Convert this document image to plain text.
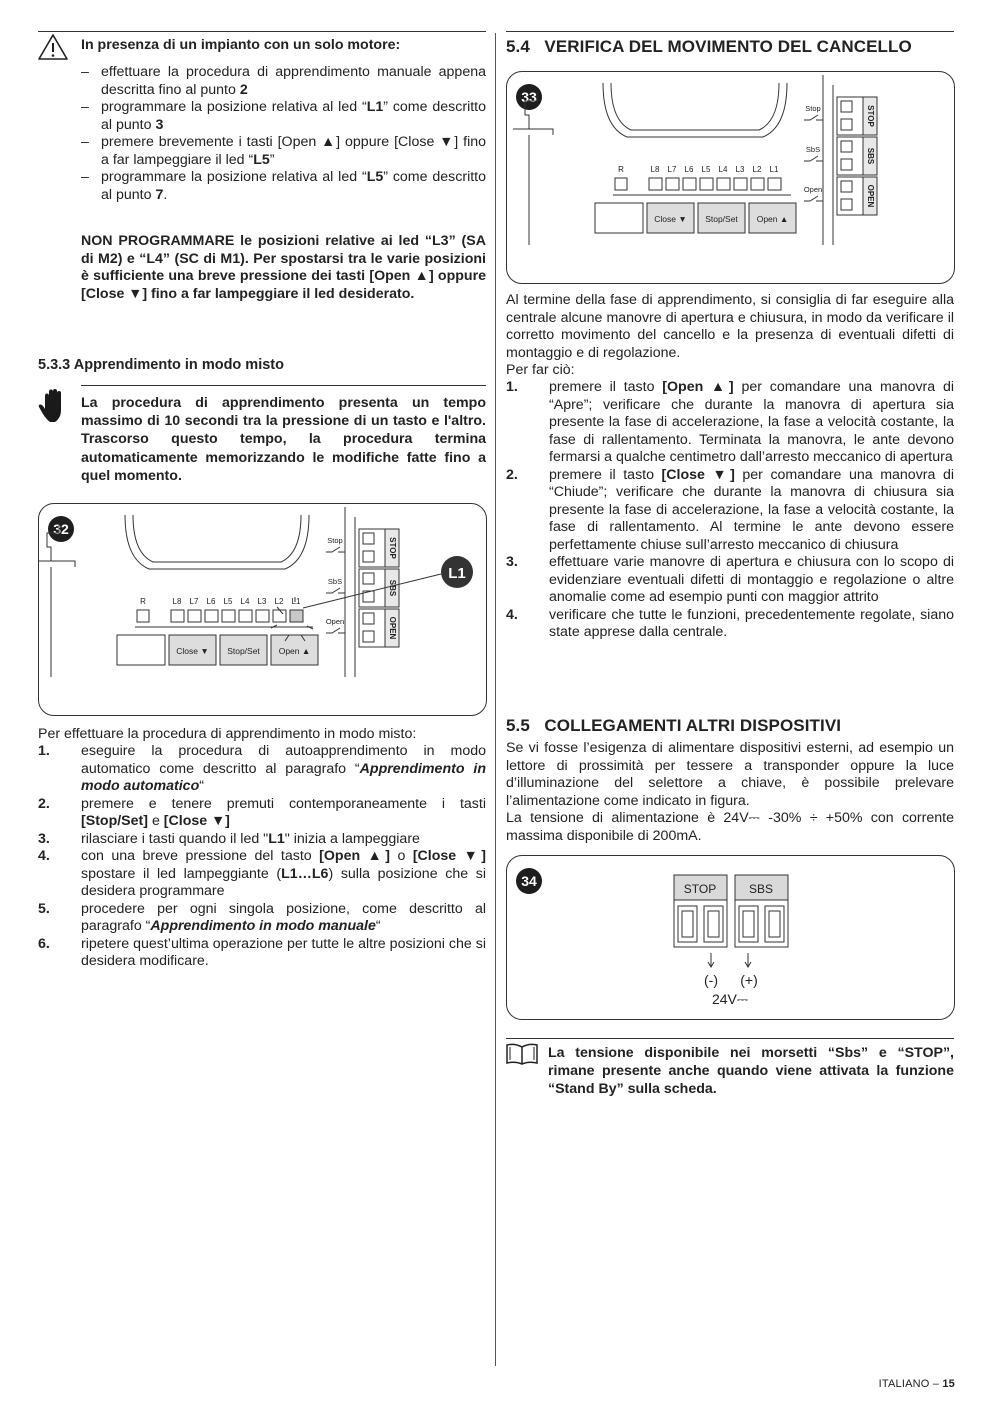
In presenza di un impianto con un solo motore:
– effettuare la procedura di apprendimento manuale appena descritta fino al punto 2
– programmare la posizione relativa al led “L1” come descritto al punto 3
– premere brevemente i tasti [Open ▲] oppure [Close ▼] fino a far lampeggiare il led “L5”
– programmare la posizione relativa al led “L5” come descritto al punto 7.
NON PROGRAMMARE le posizioni relative ai led “L3” (SA di M2) e “L4” (SC di M1). Per spostarsi tra le varie posizioni è sufficiente una breve pressione dei tasti [Open ▲] oppure [Close ▼] fino a far lampeggiare il led desiderato.
5.3.3 Apprendimento in modo misto
La procedura di apprendimento presenta un tempo massimo di 10 secondi tra la pressione di un tasto e l'altro. Trascorso questo tempo, la procedura termina automaticamente memorizzando le modifiche fatte fino a quel momento.
32
R	L8 L7 L6 L5 L4 L3 L2 L1
Close ▼ Stop/Set Open ▲
Stop
SbS
Open
STOP
SBS
OPEN
L1
Per effettuare la procedura di apprendimento in modo misto:
1. eseguire la procedura di autoapprendimento in modo automatico come descritto al paragrafo “Apprendimento in modo automatico“
2. premere e tenere premuti contemporaneamente i tasti [Stop/Set] e [Close ▼]
3. rilasciare i tasti quando il led "L1" inizia a lampeggiare
4. con una breve pressione del tasto [Open ▲] o [Close ▼] spostare il led lampeggiante (L1…L6) sulla posizione che si desidera programmare
5. procedere per ogni singola posizione, come descritto al paragrafo “Apprendimento in modo manuale“
6. ripetere quest’ultima operazione per tutte le altre posizioni che si desidera modificare.
5.4   VERIFICA DEL MOVIMENTO DEL CANCELLO
33
R	L8 L7 L6 L5 L4 L3 L2 L1
Close ▼ Stop/Set Open ▲
Stop
SbS
Open
STOP
SBS
OPEN
Al termine della fase di apprendimento, si consiglia di far eseguire alla centrale alcune manovre di apertura e chiusura, in modo da verificare il corretto movimento del cancello e la presenza di eventuali difetti di montaggio e di regolazione.
Per far ciò:
1. premere il tasto [Open ▲] per comandare una manovra di “Apre”; verificare che durante la manovra di apertura sia presente la fase di accelerazione, la fase a velocità costante, la fase di rallentamento. Terminata la manovra, le ante devono fermarsi a qualche centimetro dall’arresto meccanico di apertura
2. premere il tasto [Close ▼] per comandare una manovra di “Chiude”; verificare che durante la manovra di chiusura sia presente la fase di accelerazione, la fase a velocità costante, la fase di rallentamento. Al termine le ante devono essere perfettamente chiuse sull’arresto meccanico di chiusura
3. effettuare varie manovre di apertura e chiusura con lo scopo di evidenziare eventuali difetti di montaggio e regolazione o altre anomalie come ad esempio punti con maggior attrito
4. verificare che tutte le funzioni, precedentemente regolate, siano state apprese dalla centrale.
5.5   COLLEGAMENTI ALTRI DISPOSITIVI
Se vi fosse l’esigenza di alimentare dispositivi esterni, ad esempio un lettore di prossimità per tessere a transponder oppure la luce d’illuminazione del selettore a chiave, è possibile prelevare l’alimentazione come indicato in figura.
La tensione di alimentazione è 24V⎓ -30% ÷ +50% con corrente massima disponibile di 200mA.
34	STOP	SBS
(-) (+)
24V⎓
La tensione disponibile nei morsetti “Sbs” e “STOP”, rimane presente anche quando viene attivata la funzione “Stand By” sulla scheda.
ITALIANO – 15
